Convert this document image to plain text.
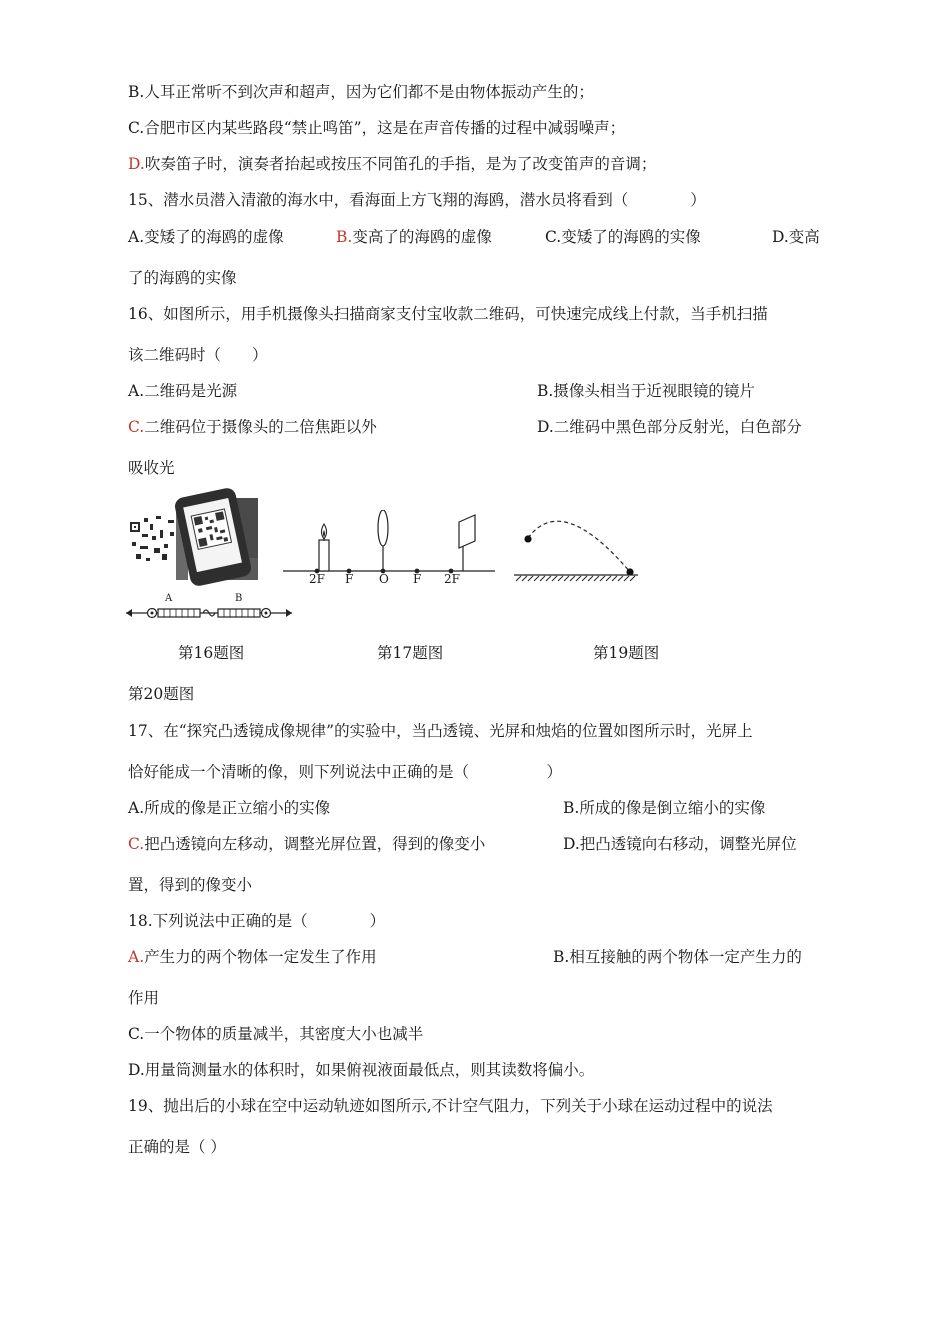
B.人耳正常听不到次声和超声，因为它们都不是由物体振动产生的；
C.合肥市区内某些路段“禁止鸣笛”，这是在声音传播的过程中减弱噪声；
D.吹奏笛子时，演奏者抬起或按压不同笛孔的手指，是为了改变笛声的音调；
15、潜水员潜入清澈的海水中，看海面上方飞翔的海鸥，潜水员将看到（　　　　）
A.变矮了的海鸥的虚像	B.变高了的海鸥的虚像	C.变矮了的海鸥的实像	D.变高
了的海鸥的实像
16、如图所示，用手机摄像头扫描商家支付宝收款二维码，可快速完成线上付款，当手机扫描
该二维码时（　　）
A.二维码是光源	B.摄像头相当于近视眼镜的镜片
C.二维码位于摄像头的二倍焦距以外	D.二维码中黑色部分反射光，白色部分
吸收光
A	B
2F F O F 2F
第16题图	第17题图	第19题图
第20题图
17、在“探究凸透镜成像规律”的实验中，当凸透镜、光屏和烛焰的位置如图所示时，光屏上
恰好能成一个清晰的像，则下列说法中正确的是（　　　　　）
A.所成的像是正立缩小的实像	B.所成的像是倒立缩小的实像
C.把凸透镜向左移动，调整光屏位置，得到的像变小	D.把凸透镜向右移动，调整光屏位
置，得到的像变小
18.下列说法中正确的是（　　　　）
A.产生力的两个物体一定发生了作用	B.相互接触的两个物体一定产生力的
作用
C.一个物体的质量减半，其密度大小也减半
D.用量筒测量水的体积时，如果俯视液面最低点，则其读数将偏小。
19、抛出后的小球在空中运动轨迹如图所示,不计空气阻力，下列关于小球在运动过程中的说法
正确的是（ ）
